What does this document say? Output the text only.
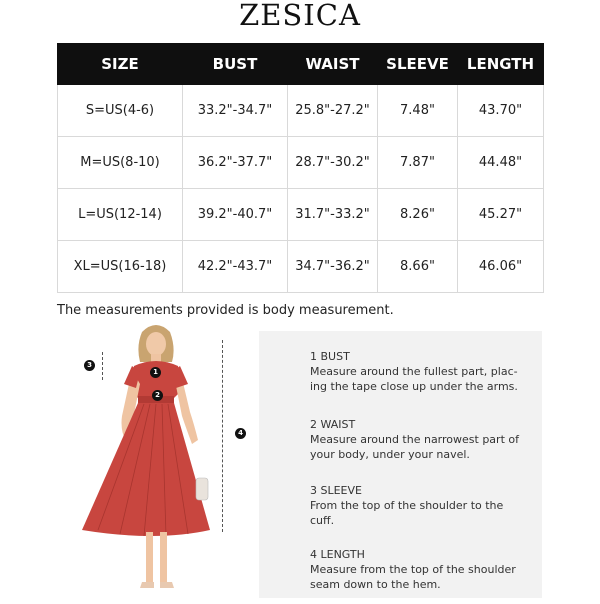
ZESICA
SIZE	BUST	WAIST	SLEEVE	LENGTH
S=US(4-6)	33.2"-34.7"	25.8"-27.2"	7.48"	43.70"
M=US(8-10)	36.2"-37.7"	28.7"-30.2"	7.87"	44.48"
L=US(12-14)	39.2"-40.7"	31.7"-33.2"	8.26"	45.27"
XL=US(16-18)	42.2"-43.7"	34.7"-36.2"	8.66"	46.06"
The measurements provided is body measurement.
3
1
2
4
1 BUST
Measure around the fullest part, plac-ing the tape close up under the arms.
2 WAIST
Measure around the narrowest part of your body, under your navel.
3 SLEEVE
From the top of the shoulder to the cuff.
4 LENGTH
Measure from the top of the shoulder seam down to the hem.
